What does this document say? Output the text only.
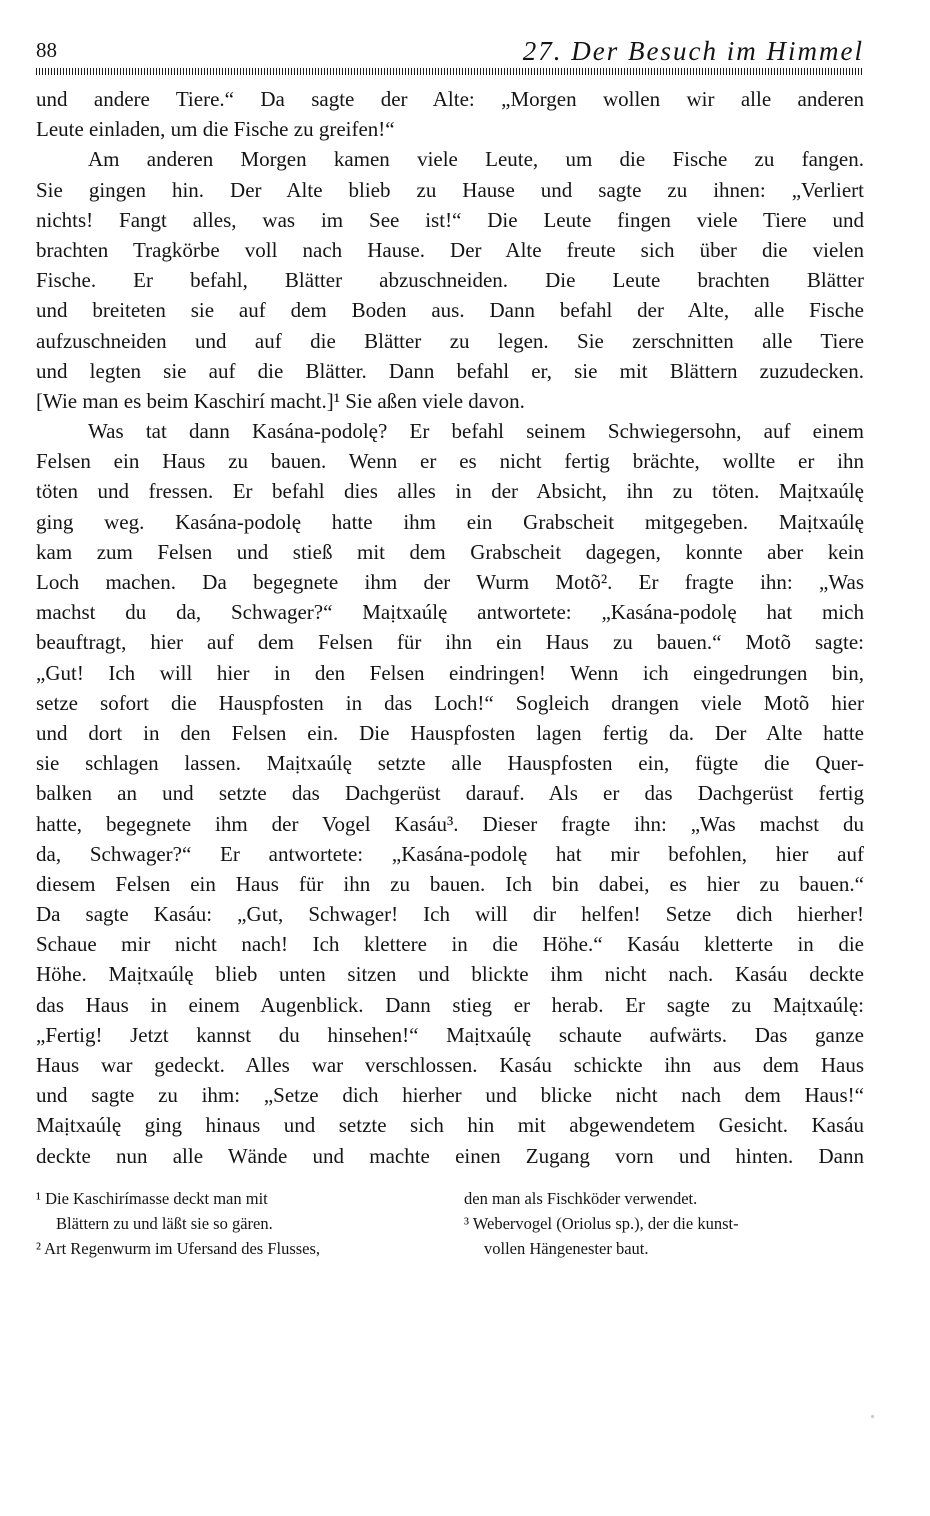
88	27. Der Besuch im Himmel
und andere Tiere.“ Da sagte der Alte: „Morgen wollen wir alle anderen
Leute einladen, um die Fische zu greifen!“
Am anderen Morgen kamen viele Leute, um die Fische zu fangen.
Sie gingen hin. Der Alte blieb zu Hause und sagte zu ihnen: „Verliert
nichts! Fangt alles, was im See ist!“ Die Leute fingen viele Tiere und
brachten Tragkörbe voll nach Hause. Der Alte freute sich über die vielen
Fische. Er befahl, Blätter abzuschneiden. Die Leute brachten Blätter
und breiteten sie auf dem Boden aus. Dann befahl der Alte, alle Fische
aufzuschneiden und auf die Blätter zu legen. Sie zerschnitten alle Tiere
und legten sie auf die Blätter. Dann befahl er, sie mit Blättern zuzudecken.
[Wie man es beim Kaschirí macht.]¹ Sie aßen viele davon.
Was tat dann Kasána-podolę? Er befahl seinem Schwiegersohn, auf einem
Felsen ein Haus zu bauen. Wenn er es nicht fertig brächte, wollte er ihn
töten und fressen. Er befahl dies alles in der Absicht, ihn zu töten. Maịtxaúlę
ging weg. Kasána-podolę hatte ihm ein Grabscheit mitgegeben. Maịtxaúlę
kam zum Felsen und stieß mit dem Grabscheit dagegen, konnte aber kein
Loch machen. Da begegnete ihm der Wurm Motõ². Er fragte ihn: „Was
machst du da, Schwager?“ Maịtxaúlę antwortete: „Kasána-podolę hat mich
beauftragt, hier auf dem Felsen für ihn ein Haus zu bauen.“ Motõ sagte:
„Gut! Ich will hier in den Felsen eindringen! Wenn ich eingedrungen bin,
setze sofort die Hauspfosten in das Loch!“ Sogleich drangen viele Motõ hier
und dort in den Felsen ein. Die Hauspfosten lagen fertig da. Der Alte hatte
sie schlagen lassen. Maịtxaúlę setzte alle Hauspfosten ein, fügte die Quer-
balken an und setzte das Dachgerüst darauf. Als er das Dachgerüst fertig
hatte, begegnete ihm der Vogel Kasáu³. Dieser fragte ihn: „Was machst du
da, Schwager?“ Er antwortete: „Kasána-podolę hat mir befohlen, hier auf
diesem Felsen ein Haus für ihn zu bauen. Ich bin dabei, es hier zu bauen.“
Da sagte Kasáu: „Gut, Schwager! Ich will dir helfen! Setze dich hierher!
Schaue mir nicht nach! Ich klettere in die Höhe.“ Kasáu kletterte in die
Höhe. Maịtxaúlę blieb unten sitzen und blickte ihm nicht nach. Kasáu deckte
das Haus in einem Augenblick. Dann stieg er herab. Er sagte zu Maịtxaúlę:
„Fertig! Jetzt kannst du hinsehen!“ Maịtxaúlę schaute aufwärts. Das ganze
Haus war gedeckt. Alles war verschlossen. Kasáu schickte ihn aus dem Haus
und sagte zu ihm: „Setze dich hierher und blicke nicht nach dem Haus!“
Maịtxaúlę ging hinaus und setzte sich hin mit abgewendetem Gesicht. Kasáu
deckte nun alle Wände und machte einen Zugang vorn und hinten. Dann
¹ Die Kaschirímasse deckt man mit
Blättern zu und läßt sie so gären.
² Art Regenwurm im Ufersand des Flusses,
den man als Fischköder verwendet.
³ Webervogel (Oriolus sp.), der die kunst-
vollen Hängenester baut.
